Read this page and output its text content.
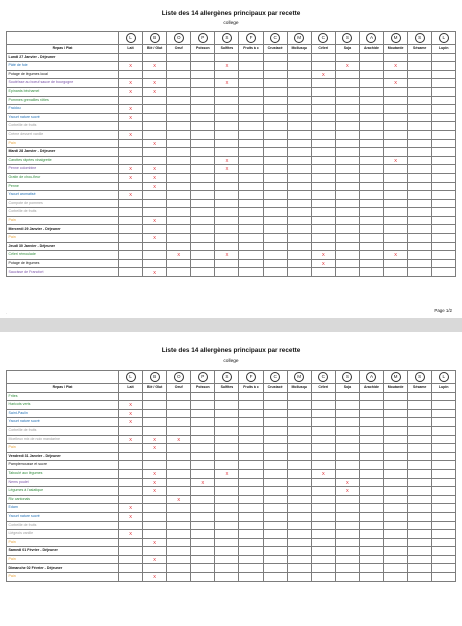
Liste des 14 allergènes principaux par recette
college
	L	B	O	P	S	F	C	M	C	S	A	M	S	L
Repas / Plat	Lait	Blé / Glut	Oeuf	Poisson	Sulfites	Fruits à c	Crustacé	Mollusqu	Céleri	Soja	Arachide	Moutarde	Sésame	Lupin
Lundi 27 Janvier - Déjeuner														
Pâté de foie	X	X			X					X		X		
Potage de légumes local									X					
Souté/sse au boeuf sauce de bourgogne	X	X			X							X		
Epinards béchamel	X	X												
Pommes grenailles rôties														
Fraidou	X													
Yaourt nature sucré	X													
Corbeille de fruits														
Crème dessert vanille	X													
Pain		X												
Mardi 28 Janvier - Déjeuner														
Carottes râpées vinaigrette					X							X		
Penne colombine	X	X			X									
Gratin de chou-fleur	X	X												
Penne		X												
Yaourt aromatisé	X													
Compote de pommes														
Corbeille de fruits														
Pain		X												
Mercredi 29 Janvier - Déjeuner														
Pain		X												
Jeudi 30 Janvier - Déjeuner														
Céleri rémoulade			X		X				X			X		
Potage de légumes									X					
Saucisse de Francfort		X												
.	Page 1/2
Liste des 14 allergènes principaux par recette
college
	L	B	O	P	S	F	C	M	C	S	A	M	S	L
Repas / Plat	Lait	Blé / Glut	Oeuf	Poisson	Sulfites	Fruits à c	Crustacé	Mollusqu	Céleri	Soja	Arachide	Moutarde	Sésame	Lupin
Frites														
Haricots verts	X													
Saint-Paulin	X													
Yaourt nature sucré	X													
Corbeille de fruits														
Moelleux mix de noix mandarine	X	X	X											
Pain		X												
Vendredi 31 Janvier - Déjeuner														
Pamplemousse et sucre														
Taboulé aux légumes		X			X				X					
Nems poulet		X		X						X				
Légumes à l'asiatique		X								X				
Riz cantonais			X											
Edam	X													
Yaourt nature sucré	X													
Corbeille de fruits														
Liégeois vanille	X													
Pain		X												
Samedi 01 Février - Déjeuner														
Pain		X												
Dimanche 02 Février - Déjeuner														
Pain		X												
